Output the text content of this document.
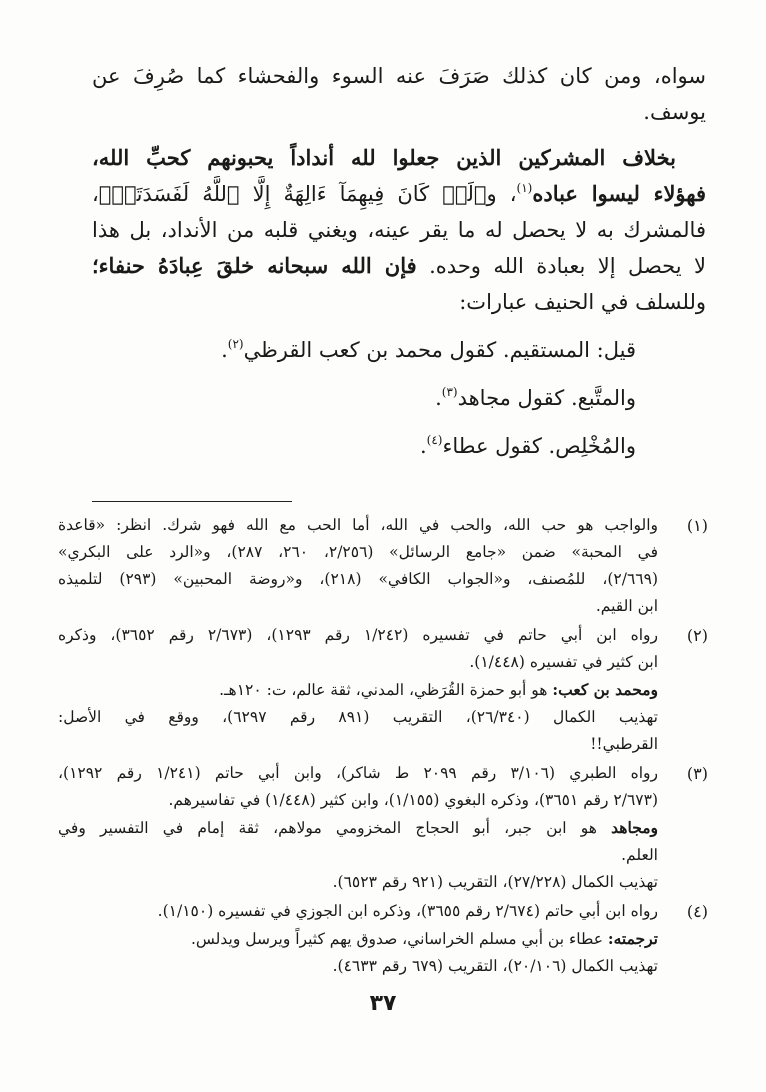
سواه، ومن كان كذلك صَرَفَ عنه السوء والفحشاء كما صُرِفَ عن
يوسف.
بخلاف المشركين الذين جعلوا لله أنداداً يحبونهم كحبِّ الله،
فهؤلاء ليسوا عباده$^{(١)}$، و﴿لَوۡ كَانَ فِيهِمَآ ءَالِهَةٌ إِلَّا ٱللَّهُ لَفَسَدَتَاۚ﴾،
فالمشرك به لا يحصل له ما يقر عينه، ويغني قلبه من الأنداد، بل هذا
لا يحصل إلا بعبادة الله وحده. فإن الله سبحانه خلقَ عِبادَهُ حنفاء؛
وللسلف في الحنيف عبارات:
قيل: المستقيم. كقول محمد بن كعب القرظي$^{(٢)}$.
والمتَّبع. كقول مجاهد$^{(٣)}$.
والمُخْلِص. كقول عطاء$^{(٤)}$.
(١)
والواجب هو حب الله، والحب في الله، أما الحب مع الله فهو شرك. انظر: «قاعدة
في المحبة» ضمن «جامع الرسائل» (٢/٢٥٦، ٢٦٠، ٢٨٧)، و«الرد على البكري»
(٢/٦٦٩)، للمُصنف، و«الجواب الكافي» (٢١٨)، و«روضة المحبين» (٢٩٣) لتلميذه
ابن القيم.
(٢)
رواه ابن أبي حاتم في تفسيره (١/٢٤٢ رقم ١٢٩٣)، (٢/٦٧٣ رقم ٣٦٥٢)، وذكره
ابن كثير في تفسيره (١/٤٤٨).
ومحمد بن كعب: هو أبو حمزة القُرَظي، المدني، ثقة عالم، ت: ١٢٠هـ.
تهذيب الكمال (٢٦/٣٤٠)، التقريب (٨٩١ رقم ٦٢٩٧)، ووقع في الأصل:
القرطبي!!
(٣)
رواه الطبري (٣/١٠٦ رقم ٢٠٩٩ ط شاكر)، وابن أبي حاتم (١/٢٤١ رقم ١٢٩٢)،
(٢/٦٧٣ رقم ٣٦٥١)، وذكره البغوي (١/١٥٥)، وابن كثير (١/٤٤٨) في تفاسيرهم.
ومجاهد هو ابن جبر، أبو الحجاج المخزومي مولاهم، ثقة إمام في التفسير وفي
العلم.
تهذيب الكمال (٢٧/٢٢٨)، التقريب (٩٢١ رقم ٦٥٢٣).
(٤)
رواه ابن أبي حاتم (٢/٦٧٤ رقم ٣٦٥٥)، وذكره ابن الجوزي في تفسيره (١/١٥٠).
ترجمته: عطاء بن أبي مسلم الخراساني، صدوق يهم كثيراً ويرسل ويدلس.
تهذيب الكمال (٢٠/١٠٦)، التقريب (٦٧٩ رقم ٤٦٣٣).
٣٧
